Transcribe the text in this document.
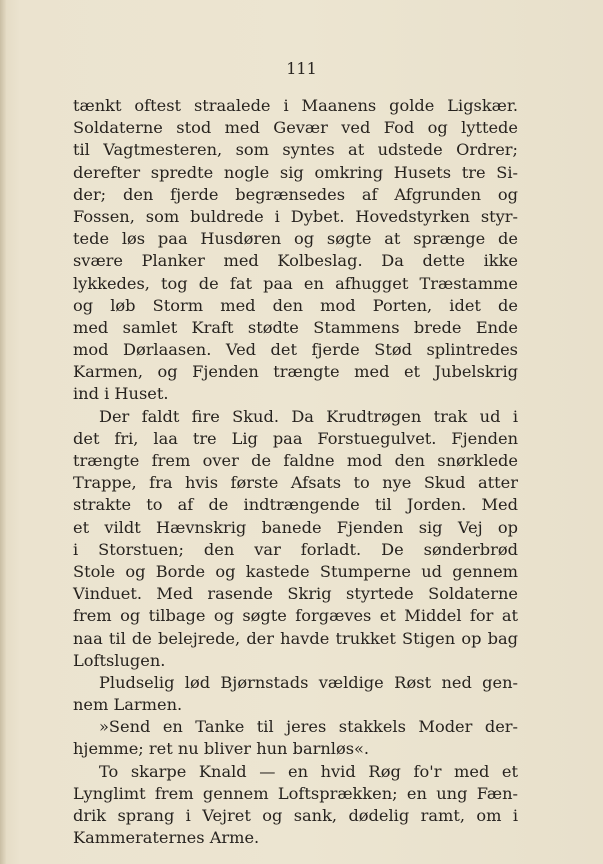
111
tænkt oftest straalede i Maanens golde Ligskær.
Soldaterne stod med Gevær ved Fod og lyttede
til Vagtmesteren, som syntes at udstede Ordrer;
derefter spredte nogle sig omkring Husets tre Si-
der; den fjerde begrænsedes af Afgrunden og
Fossen, som buldrede i Dybet. Hovedstyrken styr-
tede løs paa Husdøren og søgte at sprænge de
svære Planker med Kolbeslag. Da dette ikke
lykkedes, tog de fat paa en afhugget Træstamme
og løb Storm med den mod Porten, idet de
med samlet Kraft stødte Stammens brede Ende
mod Dørlaasen. Ved det fjerde Stød splintredes
Karmen, og Fjenden trængte med et Jubelskrig
ind i Huset.
Der faldt fire Skud. Da Krudtrøgen trak ud i
det fri, laa tre Lig paa Forstuegulvet. Fjenden
trængte frem over de faldne mod den snørklede
Trappe, fra hvis første Afsats to nye Skud atter
strakte to af de indtrængende til Jorden. Med
et vildt Hævnskrig banede Fjenden sig Vej op
i Storstuen; den var forladt. De sønderbrød
Stole og Borde og kastede Stumperne ud gennem
Vinduet. Med rasende Skrig styrtede Soldaterne
frem og tilbage og søgte forgæves et Middel for at
naa til de belejrede, der havde trukket Stigen op bag
Loftslugen.
Pludselig lød Bjørnstads vældige Røst ned gen-
nem Larmen.
»Send en Tanke til jeres stakkels Moder der-
hjemme; ret nu bliver hun barnløs«.
To skarpe Knald — en hvid Røg fo'r med et
Lynglimt frem gennem Loftsprækken; en ung Fæn-
drik sprang i Vejret og sank, dødelig ramt, om i
Kammeraternes Arme.
